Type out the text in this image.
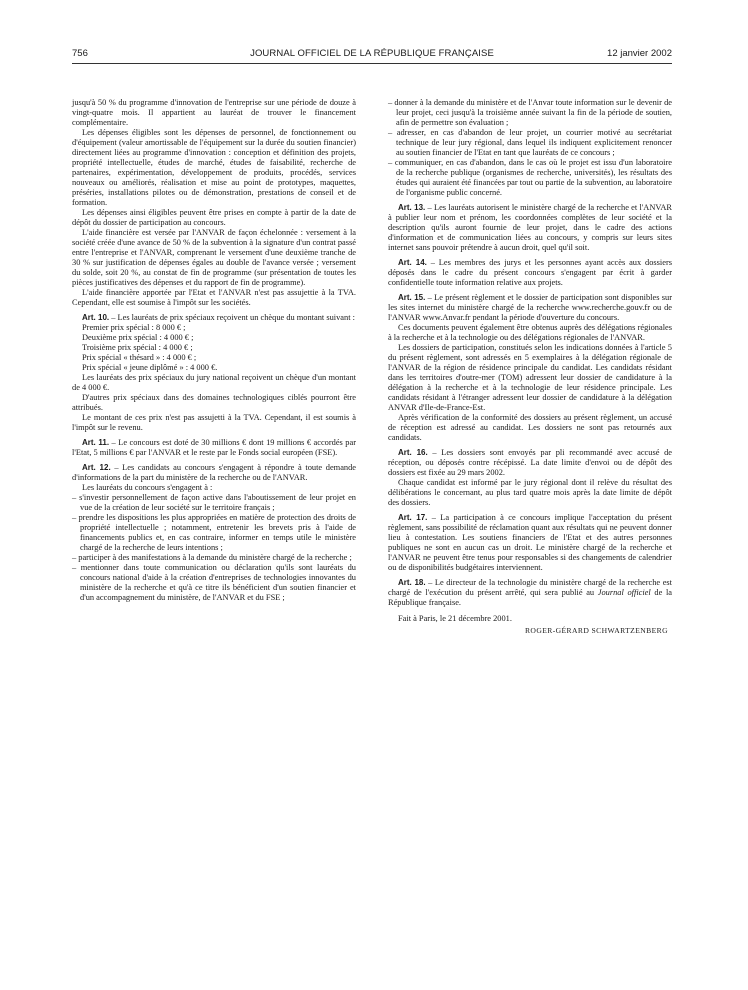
756	JOURNAL OFFICIEL DE LA RÉPUBLIQUE FRANÇAISE	12 janvier 2002

jusqu'à 50 % du programme d'innovation de l'entreprise sur une période de douze à vingt-quatre mois. Il appartient au lauréat de trouver le financement complémentaire.

Les dépenses éligibles sont les dépenses de personnel, de fonctionnement ou d'équipement (valeur amortissable de l'équipement sur la durée du soutien financier) directement liées au programme d'innovation : conception et définition des projets, propriété intellectuelle, études de marché, études de faisabilité, recherche de partenaires, expérimentation, développement de produits, procédés, services nouveaux ou améliorés, réalisation et mise au point de prototypes, maquettes, préséries, installations pilotes ou de démonstration, prestations de conseil et de formation.

Les dépenses ainsi éligibles peuvent être prises en compte à partir de la date de dépôt du dossier de participation au concours.

L'aide financière est versée par l'ANVAR de façon échelonnée : versement à la société créée d'une avance de 50 % de la subvention à la signature d'un contrat passé entre l'entreprise et l'ANVAR, comprenant le versement d'une deuxième tranche de 30 % sur justification de dépenses égales au double de l'avance versée ; versement du solde, soit 20 %, au constat de fin de programme (sur présentation de toutes les pièces justificatives des dépenses et du rapport de fin de programme).

L'aide financière apportée par l'Etat et l'ANVAR n'est pas assujettie à la TVA. Cependant, elle est soumise à l'impôt sur les sociétés.

Art. 10. – Les lauréats de prix spéciaux reçoivent un chèque du montant suivant :

Premier prix spécial : 8 000 € ;

Deuxième prix spécial : 4 000 € ;

Troisième prix spécial : 4 000 € ;

Prix spécial « thésard » : 4 000 € ;

Prix spécial « jeune diplômé » : 4 000 €.

Les lauréats des prix spéciaux du jury national reçoivent un chèque d'un montant de 4 000 €.

D'autres prix spéciaux dans des domaines technologiques ciblés pourront être attribués.

Le montant de ces prix n'est pas assujetti à la TVA. Cependant, il est soumis à l'impôt sur le revenu.

Art. 11. – Le concours est doté de 30 millions € dont 19 millions € accordés par l'Etat, 5 millions € par l'ANVAR et le reste par le Fonds social européen (FSE).

Art. 12. – Les candidats au concours s'engagent à répondre à toute demande d'informations de la part du ministère de la recherche ou de l'ANVAR.

Les lauréats du concours s'engagent à :

– s'investir personnellement de façon active dans l'aboutissement de leur projet en vue de la création de leur société sur le territoire français ;

– prendre les dispositions les plus appropriées en matière de protection des droits de propriété intellectuelle ; notamment, entretenir les brevets pris à l'aide de financements publics et, en cas contraire, informer en temps utile le ministère chargé de la recherche de leurs intentions ;

– participer à des manifestations à la demande du ministère chargé de la recherche ;

– mentionner dans toute communication ou déclaration qu'ils sont lauréats du concours national d'aide à la création d'entreprises de technologies innovantes du ministère de la recherche et qu'à ce titre ils bénéficient d'un soutien financier et d'un accompagnement du ministère, de l'ANVAR et du FSE ;

– donner à la demande du ministère et de l'Anvar toute information sur le devenir de leur projet, ceci jusqu'à la troisième année suivant la fin de la période de soutien, afin de permettre son évaluation ;

– adresser, en cas d'abandon de leur projet, un courrier motivé au secrétariat technique de leur jury régional, dans lequel ils indiquent explicitement renoncer au soutien financier de l'Etat en tant que lauréats de ce concours ;

– communiquer, en cas d'abandon, dans le cas où le projet est issu d'un laboratoire de la recherche publique (organismes de recherche, universités), les résultats des études qui auraient été financées par tout ou partie de la subvention, au laboratoire de l'organisme public concerné.

Art. 13. – Les lauréats autorisent le ministère chargé de la recherche et l'ANVAR à publier leur nom et prénom, les coordonnées complètes de leur société et la description qu'ils auront fournie de leur projet, dans le cadre des actions d'information et de communication liées au concours, y compris sur leurs sites internet sans pouvoir prétendre à aucun droit, quel qu'il soit.

Art. 14. – Les membres des jurys et les personnes ayant accès aux dossiers déposés dans le cadre du présent concours s'engagent par écrit à garder confidentielle toute information relative aux projets.

Art. 15. – Le présent règlement et le dossier de participation sont disponibles sur les sites internet du ministère chargé de la recherche www.recherche.gouv.fr ou de l'ANVAR www.Anvar.fr pendant la période d'ouverture du concours.

Ces documents peuvent également être obtenus auprès des délégations régionales à la recherche et à la technologie ou des délégations régionales de l'ANVAR.

Les dossiers de participation, constitués selon les indications données à l'article 5 du présent règlement, sont adressés en 5 exemplaires à la délégation régionale de l'ANVAR de la région de résidence principale du candidat. Les candidats résidant dans les territoires d'outre-mer (TOM) adressent leur dossier de candidature à la délégation à la recherche et à la technologie de leur résidence principale. Les candidats résidant à l'étranger adressent leur dossier de candidature à la délégation ANVAR d'Ile-de-France-Est.

Après vérification de la conformité des dossiers au présent règlement, un accusé de réception est adressé au candidat. Les dossiers ne sont pas retournés aux candidats.

Art. 16. – Les dossiers sont envoyés par pli recommandé avec accusé de réception, ou déposés contre récépissé. La date limite d'envoi ou de dépôt des dossiers est fixée au 29 mars 2002.

Chaque candidat est informé par le jury régional dont il relève du résultat des délibérations le concernant, au plus tard quatre mois après la date limite de dépôt des dossiers.

Art. 17. – La participation à ce concours implique l'acceptation du présent règlement, sans possibilité de réclamation quant aux résultats qui ne peuvent donner lieu à contestation. Les soutiens financiers de l'Etat et des autres personnes publiques ne sont en aucun cas un droit. Le ministère chargé de la recherche et l'ANVAR ne peuvent être tenus pour responsables si des changements de calendrier ou de disponibilités budgétaires interviennent.

Art. 18. – Le directeur de la technologie du ministère chargé de la recherche est chargé de l'exécution du présent arrêté, qui sera publié au Journal officiel de la République française.

Fait à Paris, le 21 décembre 2001.

ROGER-GÉRARD SCHWARTZENBERG
